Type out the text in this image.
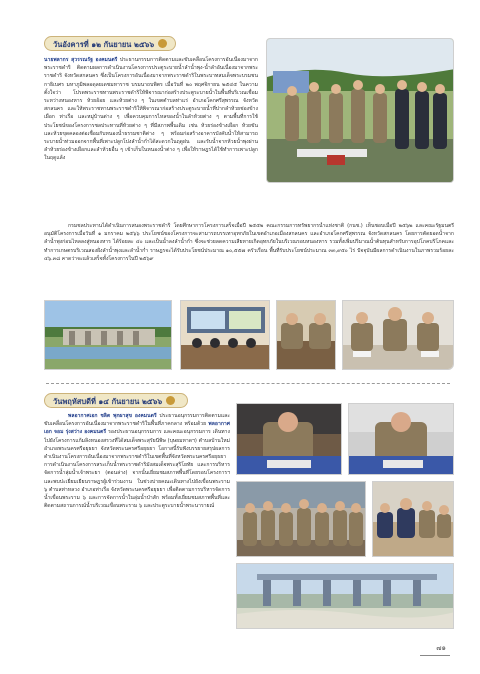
วันอังคารที่ ๑๒ กันยายน ๒๕๖๖
นายพลากร สุวรรณรัฐ องคมนตรี ประธานกรรมการติดตามและขับเคลื่อนโครงการอันเนื่องมาจากพระราชดำริ ติดตามผลการดำเนินงานโครงการประตูระบายน้ำลำน้ำพุง-น้ำลำอันเนื่องมาจากพระราชดำริ จังหวัดสกลนคร ซึ่งเป็นโครงการอันเนื่องมาจากพระราชดำริในพระบาทสมเด็จพระบรมชนกาธิเบศร มหาภูมิพลอดุลยเดชมหาราช บรมนาถบพิตร เมื่อวันที่ ๒๐ พฤศจิกายน ๒๕๔๕ ในความตั้งใจว่า โปรดพระราชทานพระราชดำริให้พิจารณาก่อสร้างประตูระบายน้ำในพื้นที่บริเวณเชื่อมระหว่างหนองหาร ห้วยอ้อย และห้วยต่าง ๆ ในเขตตำบลท่าแร่ อำเภอโคกศรีสุพรรณ จังหวัดสกลนคร และให้พระราชทานพระราชดำริให้พิจารณาก่อสร้างประตูระบายน้ำที่ปากลำห้วยช่องข้างเผือก ท่าเรือ และหมู่บ้านต่าง ๆ เพื่อควบคุมการไหลของน้ำในลำห้วยต่าง ๆ ตามพื้นที่การใช้ประโยชน์ของโครงการชลประทานที่ห้วยต่าง ๆ ที่มีสภาพพื้นเดิม เช่น ห้วยร่องข้างเผือก ห้วยขัน และห้วยขุดคลองต่อเชื่อมกับหนองน้ำธรรมชาติต่าง ๆ พร้อมก่อสร้างอาคารบังคับน้ำให้สามารถระบายน้ำท่วมออกจากพื้นที่เพาะปลูกโปงลำน้ำก่ำได้สะดวกในฤดูฝน และรับน้ำจากห้วยน้ำพุงผ่านลำห้วยร่องข้างเผือกและลำห้วยอื่น ๆ เข้าเก็บในหนองน้ำต่าง ๆ เพื่อให้ราษฎรได้ใช้ทำการเพาะปลูกในฤดูแล้ง
กรมชลประทานได้ดำเนินการสนองพระราชดำริ โดยศึกษาการโครงการเสร็จเมื่อปี ๒๕๕๒ คณะกรรมการทรัพยากรน้ำแห่งชาติ (กนช.) เห็นชอบเมื่อปี ๒๕๖๒ และคณะรัฐมนตรีอนุมัติโครงการเมื่อวันที่ ๑ มกราคม ๒๕๖๖ ประโยชน์ของโครงการจะสามารถบรรเทาอุทกภัยในเขตอำเภอเมืองสกลนคร และอำเภอโคกศรีสุพรรณ จังหวัดสกลนคร โดยการตัดยอดน้ำจากลำน้ำพุงก่อนไหลลงสู่หนองหาร ได้ร้อยละ ๔๐ และเป็นน้ำลงลำน้ำก่ำ ซึ่งจะช่วยลดความเสียหายเกิดอุทกภัยในบริเวณรอบหนองหาร รวมทั้งเพิ่มปริมาณน้ำต้นทุนสำหรับการอุปโภคบริโภคและทำการเกษตรบริเวณสองฝั่งลำน้ำพุงและลำน้ำก่ำ ราษฎรจะได้รับประโยชน์ประมาณ ๑๐,๕๕๗ ครัวเรือน พื้นที่รับประโยชน์ประมาณ ๓๓,๙๕๐ ไร่ ปัจจุบันมีผลการดำเนินงานในภาพรวมร้อยละ ๔๖.๓๘ คาดว่าจะแล้วเสร็จทั้งโครงการในปี ๒๕๖๙
วันพฤหัสบดีที่ ๑๔ กันยายน ๒๕๖๖
พลอากาศเอก ชลิต พุกผาสุข องคมนตรี ประธานอนุกรรมการติดตามและขับเคลื่อนโครงการอันเนื่องมาจากพระราชดำริในพื้นที่ภาคกลาง พร้อมด้วย พลอากาศเอก จอม รุ่งสว่าง องคมนตรี รองประธานอนุกรรมการ และคณะอนุกรรมการ เดินทางไปยังโครงการแก้มลิงหนองสรวงที่ได้สมเด็จพระสุรัยนีพิษ (บุษยมหาดฯ) ตำบลบ้านใหม่ อำเภอพระนครศรีอยุธยา จังหวัดพระนครศรีอยุธยา โอกาสนี้รับฟังบรรยายสรุปผลการดำเนินงานโครงการอันเนื่องมาจากพระราชดำริในเขตพื้นที่จังหวัดพระนครศรีอยุธยา การดำเนินงานโครงการสระเก็บน้ำพระราชดำริมังสมเด็จพระสุริโยทัย และการบริหารจัดการน้ำลุ่มน้ำเจ้าพระยา (ตอนล่าง) จากนั้นเยี่ยมชมสภาพพื้นที่โดยรอบโครงการฯ และพบปะเยี่ยมเยียนราษฎรผู้เข้าร่วมงาน ในช่วงบ่ายคณะเดินทางไปยังเขื่อนพระราม ๖ ตำบลท่าหลวง อำเภอท่าเรือ จังหวัดพระนครศรีอยุธยา เพื่อติดตามการบริหารจัดการน้ำเขื่อนพระราม ๖ และการจัดการน้ำในลุ่มน้ำป่าสัก พร้อมทั้งเยี่ยมชมสภาพพื้นที่และติดตามสถานการณ์น้ำบริเวณเขื่อนพระราม ๖ และประตูระบายน้ำพระนารายณ์
๗๑
